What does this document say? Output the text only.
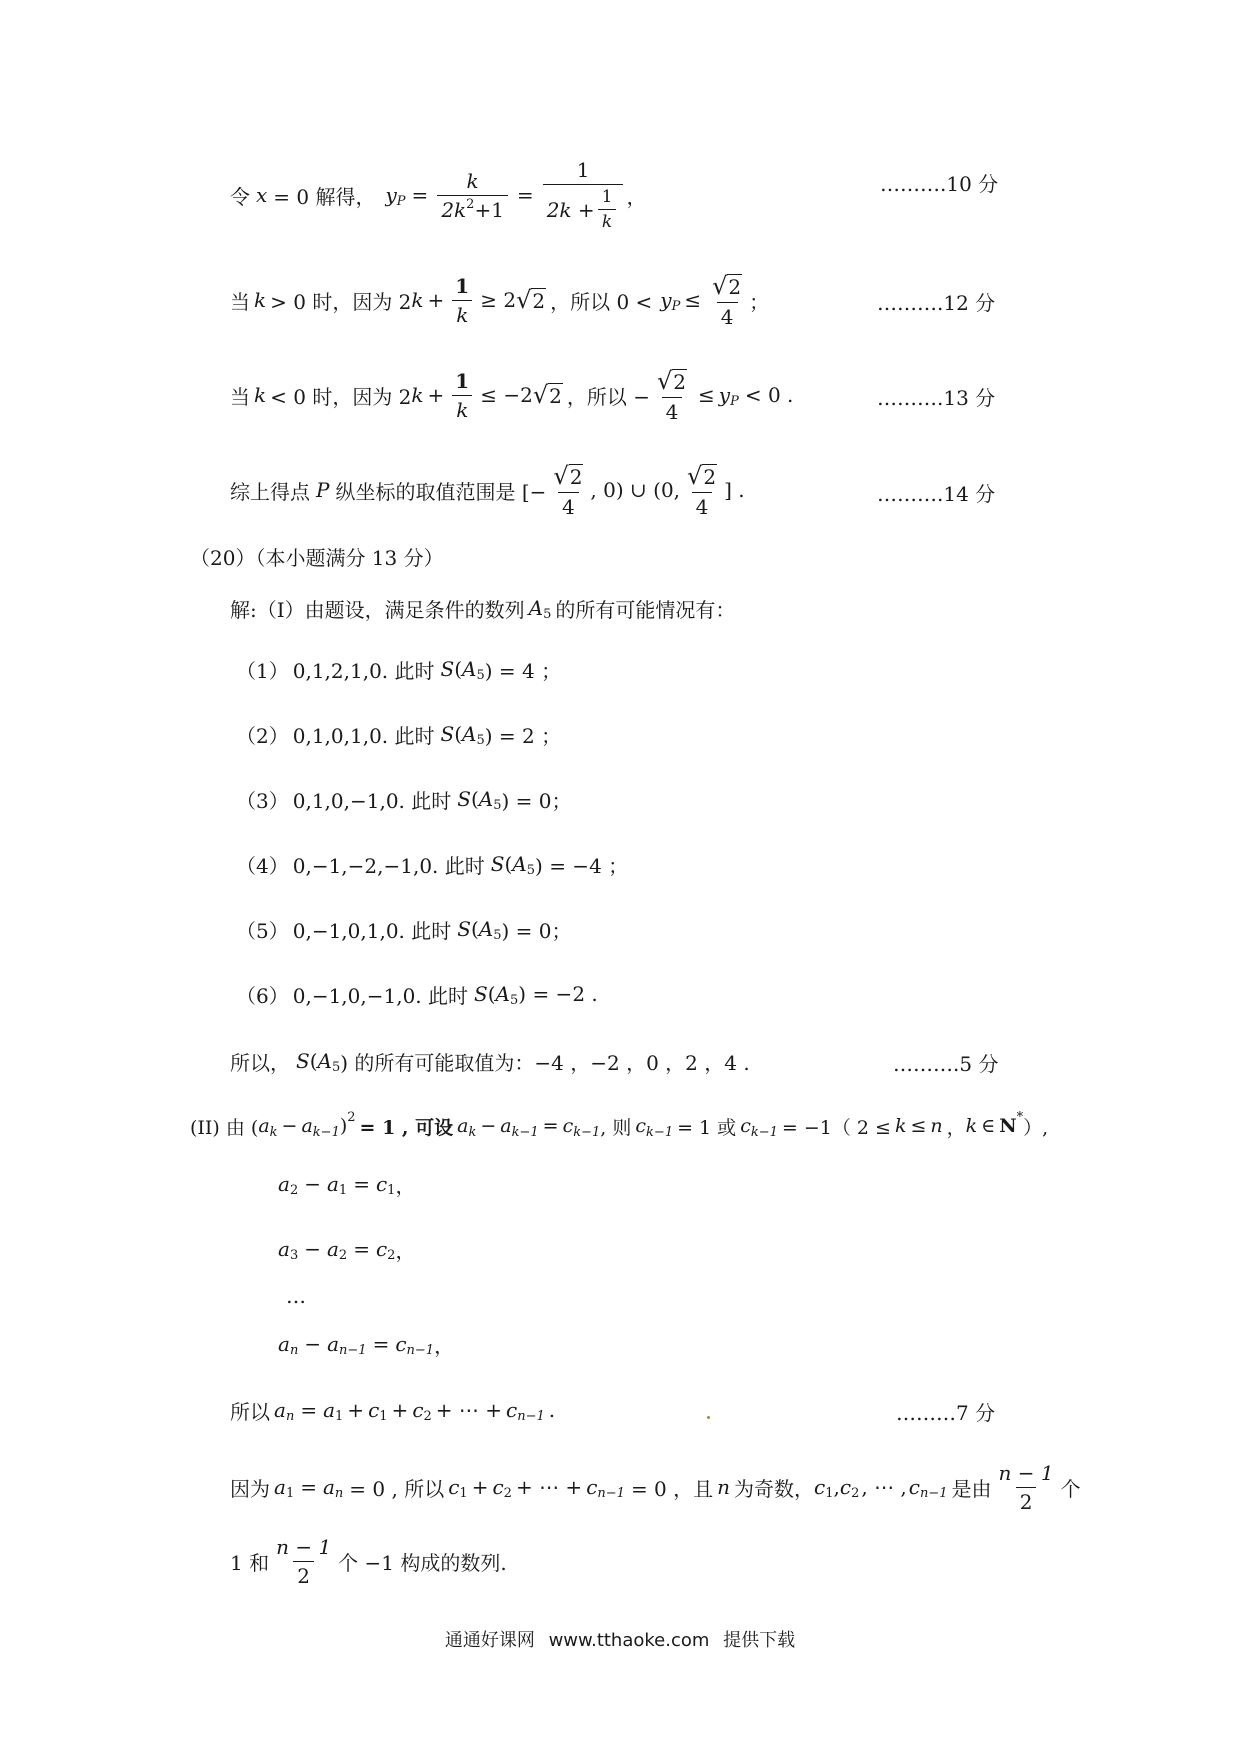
令 x = 0 解得， y $P = \frac{k}{2k^2+1} = \frac{1}{2k + \frac{1}{k}}$ ，
……….10 分
当 k > 0 时，因为 2 $k + \frac{1}{k} \ge 2$ √ 2 ，所以 0 < y $P \le \frac{√2}{4}$ ；	……….12 分
当 k < 0 时，因为 2 $k + \frac{1}{k} \le -2$ √ 2 ，所以 − $\frac{√2}{4} \le y$ P < 0 .	……….13 分
综上得点 P 纵坐标的取值范围是 [− $\frac{√2}{4}$ , 0) ∪ (0, $\frac{√2}{4}$ ] .	……….14 分
（20）（本小题满分 13 分）
解:（I）由题设，满足条件的数列 A 5 的所有可能情况有：
（1） 0,1,2,1,0. 此时 S ( A 5 ) = 4 ；
（2） 0,1,0,1,0. 此时 S ( A 5 ) = 2 ；
（3） 0,1,0,−1,0. 此时 S ( A 5 ) = 0；
（4） 0,−1,−2,−1,0. 此时 S ( A 5 ) = −4 ；
（5） 0,−1,0,1,0. 此时 S ( A 5 ) = 0；
（6） 0,−1,0,−1,0. 此时 S ( A 5 ) = −2 .
所以， S ( A 5 ) 的所有可能取值为：−4 ，−2 ，0 ，2 ，4 .	……….5 分
(II) 由 ( a k − a k−1 ) 2 = 1 , 可设 a k − a k−1 = c k−1 , 则 c k−1 = 1 或 c k−1 = −1（ 2 ≤ k ≤ n ， k ∈ N * ）,
a 2 − a 1 = c 1 ，
a 3 − a 2 = c 2 ，
…
a n − a n−1 = c n−1 ，
所以 a n = a 1 + c 1 + c 2 + ⋯ + c n−1 .	………7 分
因为 a 1 = a n = 0 , 所以 c 1 + c 2 + ⋯ + c n−1 = 0 ，且 n 为奇数， c 1 , c 2 , ⋯ , c n−1 是由 $\frac{n - 1}{2}$ 个
1 和 $\frac{n - 1}{2}$ 个 −1 构成的数列.
通通好课网 www.tthaoke.com 提供下载
